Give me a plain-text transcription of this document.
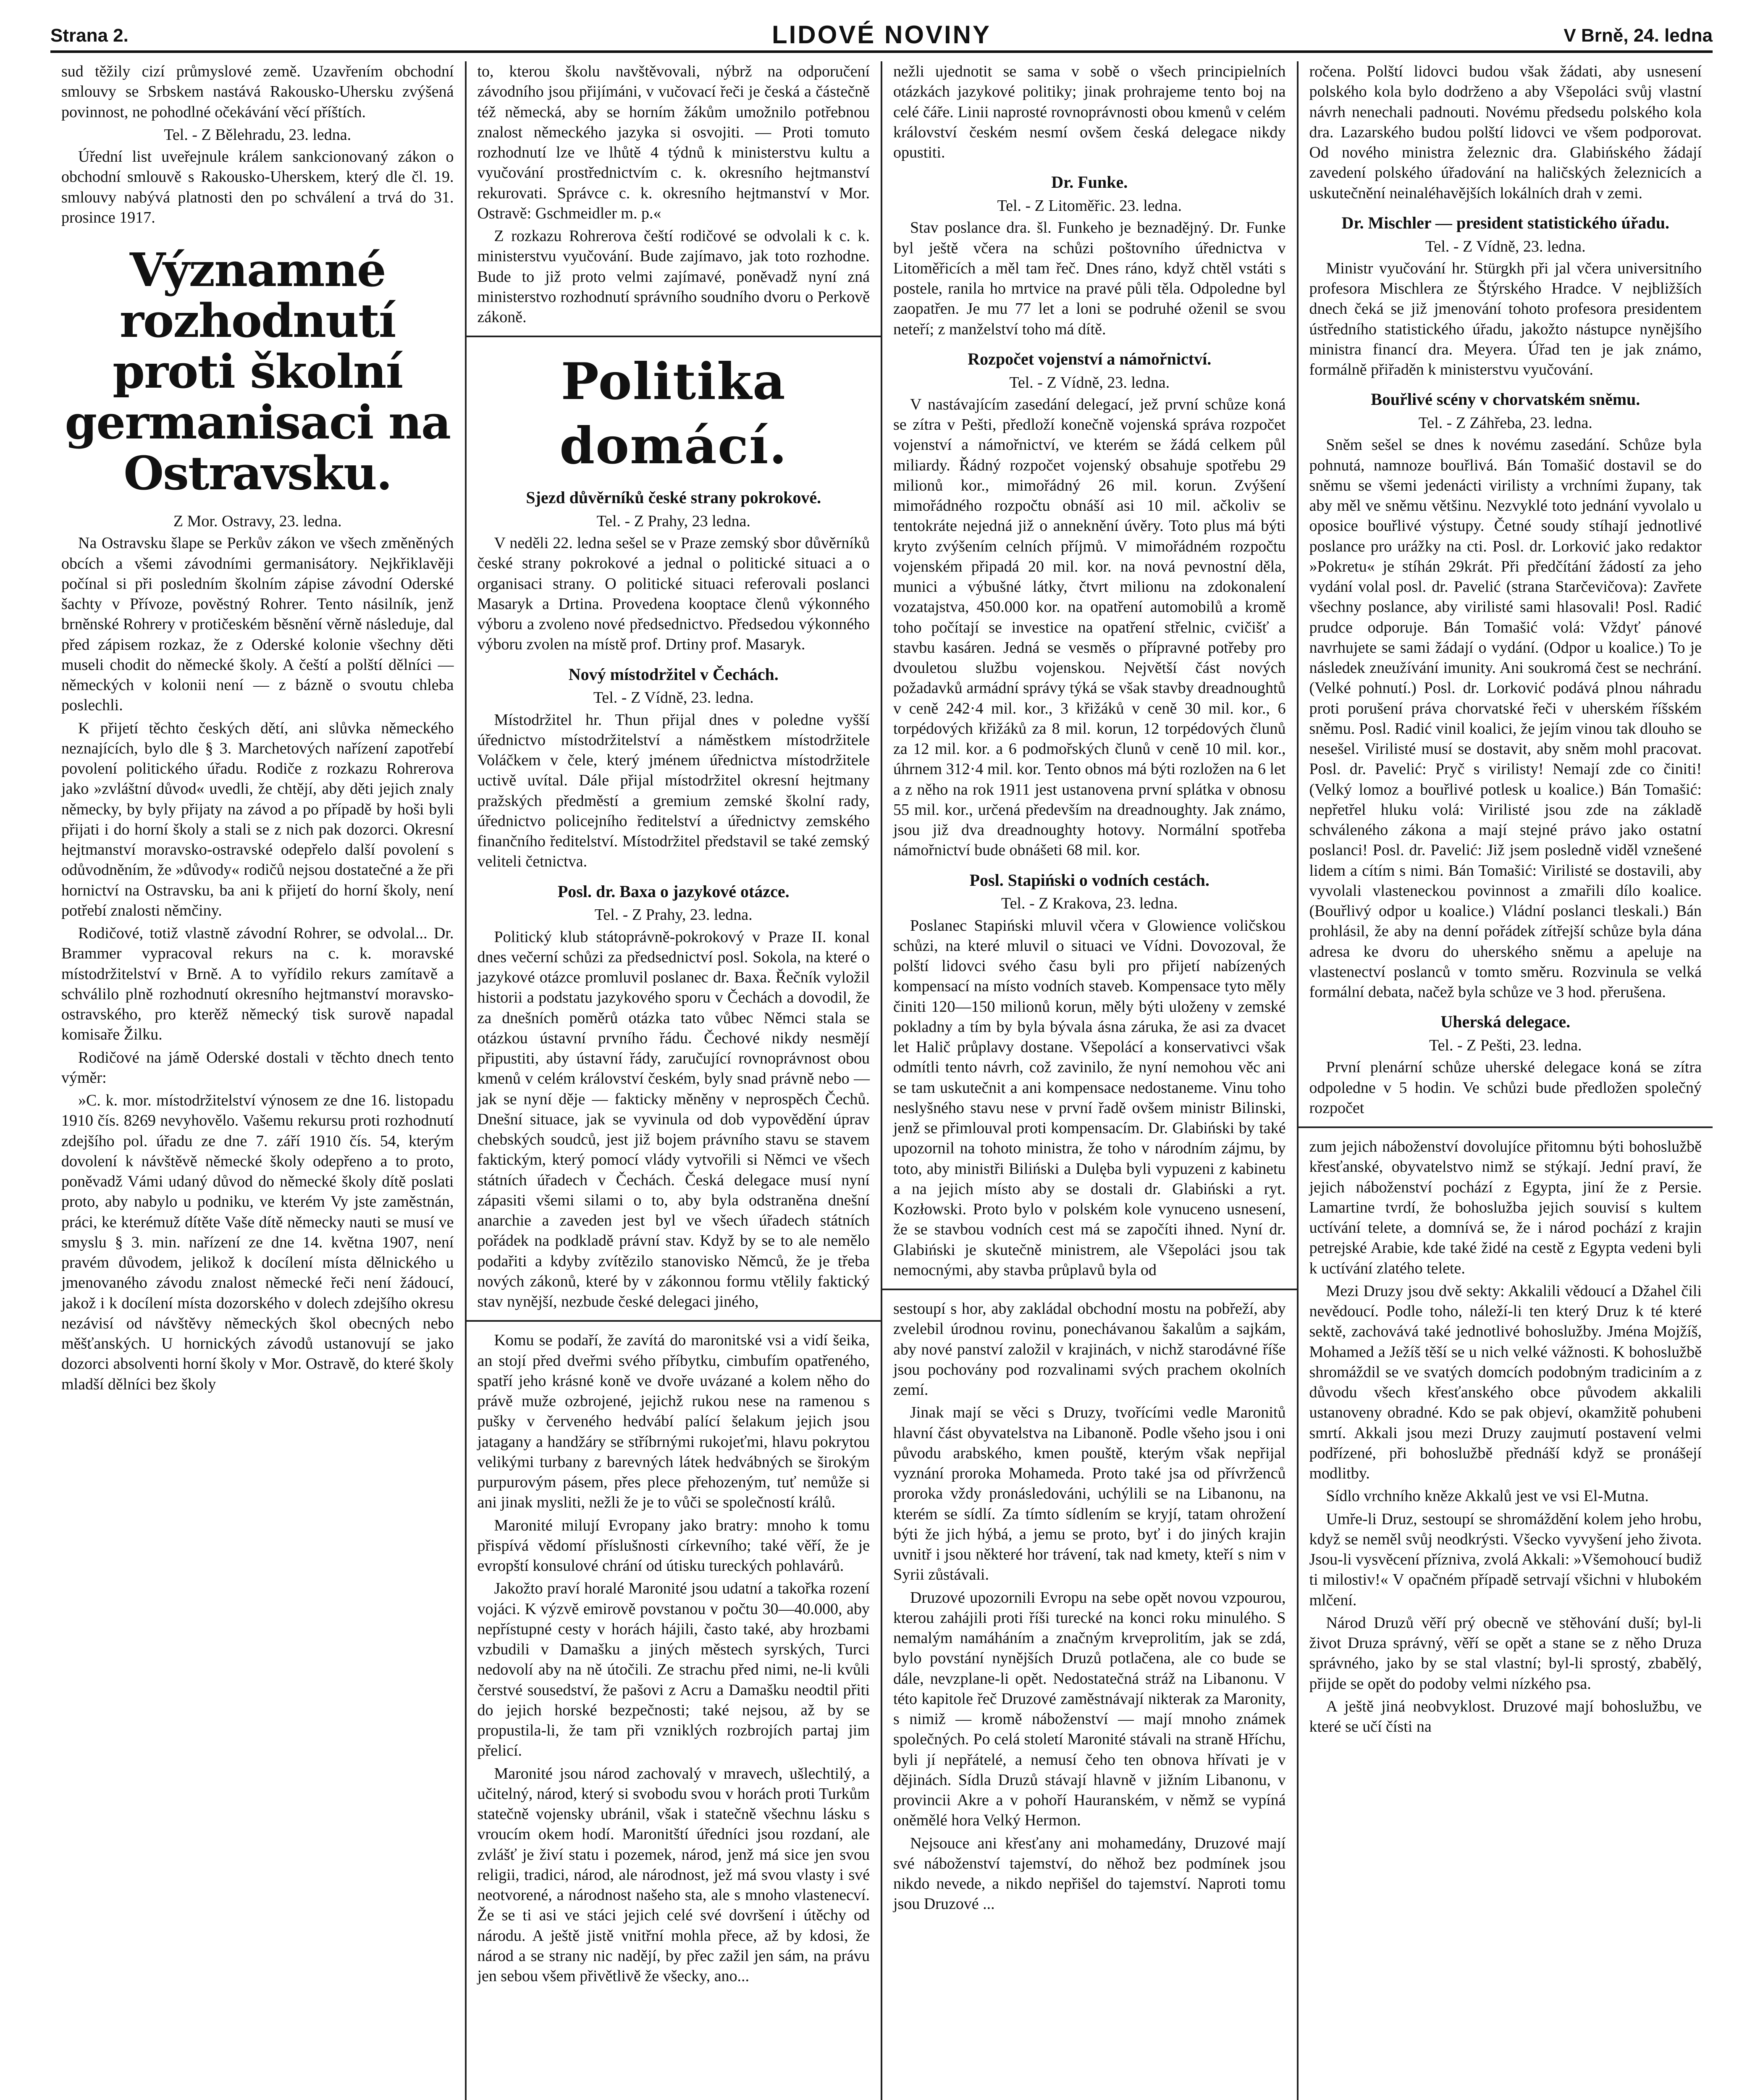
Strana 2.	LIDOVÉ NOVINY	V Brně, 24. ledna

sud těžily cizí průmyslové země. Uzavřením obchodní smlouvy se Srbskem nastává Rakousko-Uhersku zvýšená povinnost, ne pohodlné očekávání věcí příštích.

Tel. - Z Bělehradu, 23. ledna.

Úřední list uveřejnule králem sankcionovaný zákon o obchodní smlouvě s Rakousko-Uherskem, který dle čl. 19. smlouvy nabývá platnosti den po schválení a trvá do 31. prosince 1917.

Významné rozhodnutí proti školní germanisaci na Ostravsku.
Z Mor. Ostravy, 23. ledna.

Na Ostravsku šlape se Perkův zákon ve všech změněných obcích a všemi závodními germanisátory. Nejkřiklavěji počínal si při posledním školním zápise závodní Oderské šachty v Přívoze, pověstný Rohrer. Tento násilník, jenž brněnské Rohrery v protičeském běsnění věrně následuje, dal před zápisem rozkaz, že z Oderské kolonie všechny děti museli chodit do německé školy. A čeští a polští dělníci — německých v kolonii není — z bázně o svoutu chleba poslechli.

K přijetí těchto českých dětí, ani slůvka německého neznajících, bylo dle § 3. Marchetových nařízení zapotřebí povolení politického úřadu. Rodiče z rozkazu Rohrerova jako »zvláštní důvod« uvedli, že chtějí, aby děti jejich znaly německy, by byly přijaty na závod a po případě by hoši byli přijati i do horní školy a stali se z nich pak dozorci. Okresní hejtmanství moravsko-ostravské odepřelo další povolení s odůvodněním, že »důvody« rodičů nejsou dostatečné a že při hornictví na Ostravsku, ba ani k přijetí do horní školy, není potřebí znalosti němčiny.

Rodičové, totiž vlastně závodní Rohrer, se odvolal... Dr. Brammer vypracoval rekurs na c. k. moravské místodržitelství v Brně. A to vyřídilo rekurs zamítavě a schválilo plně rozhodnutí okresního hejtmanství moravsko-ostravského, pro kterěž německý tisk surově napadal komisaře Žilku.

Rodičové na jámě Oderské dostali v těchto dnech tento výměr:

»C. k. mor. místodržitelství výnosem ze dne 16. listopadu 1910 čís. 8269 nevyhovělo. Vašemu rekursu proti rozhodnutí zdejšího pol. úřadu ze dne 7. září 1910 čís. 54, kterým dovolení k návštěvě německé školy odepřeno a to proto, poněvadž Vámi udaný důvod do německé školy dítě poslati proto, aby nabylo u podniku, ve kterém Vy jste zaměstnán, práci, ke kterémuž dítěte Vaše dítě německy nauti se musí ve smyslu § 3. min. nařízení ze dne 14. května 1907, není pravém důvodem, jelikož k docílení místa dělnického u jmenovaného závodu znalost německé řeči není žádoucí, jakož i k docílení místa dozorského v dolech zdejšího okresu nezávisí od návštěvy německých škol obecných nebo měšťanských. U hornických závodů ustanovují se jako dozorci absolventi horní školy v Mor. Ostravě, do které školy mladší dělníci bez školy

to, kterou školu navštěvovali, nýbrž na odporučení závodního jsou přijímáni, v vučovací řeči je česká a částečně též německá, aby se horním žákům umožnilo potřebnou znalost německého jazyka si osvojiti. — Proti tomuto rozhodnutí lze ve lhůtě 4 týdnů k ministerstvu kultu a vyučování prostřednictvím c. k. okresního hejtmanství rekurovati. Správce c. k. okresního hejtmanství v Mor. Ostravě: Gschmeidler m. p.«

Z rozkazu Rohrerova čeští rodičové se odvolali k c. k. ministerstvu vyučování. Bude zajímavo, jak toto rozhodne. Bude to již proto velmi zajímavé, poněvadž nyní zná ministerstvo rozhodnutí správního soudního dvoru o Perkově zákoně.

Politika domácí.
Sjezd důvěrníků české strany pokrokové.
Tel. - Z Prahy, 23 ledna.

V neděli 22. ledna sešel se v Praze zemský sbor důvěrníků české strany pokrokové a jednal o politické situaci a o organisaci strany. O politické situaci referovali poslanci Masaryk a Drtina. Provedena kooptace členů výkonného výboru a zvoleno nové předsednictvo. Předsedou výkonného výboru zvolen na místě prof. Drtiny prof. Masaryk.

Nový místodržitel v Čechách.
Tel. - Z Vídně, 23. ledna.

Místodržitel hr. Thun přijal dnes v poledne vyšší úřednictvo místodržitelství a náměstkem místodržitele Voláčkem v čele, který jménem úřednictva místodržitele uctivě uvítal. Dále přijal místodržitel okresní hejtmany pražských předměstí a gremium zemské školní rady, úřednictvo policejního ředitelství a úřednictvy zemského finančního ředitelství. Místodržitel představil se také zemský veliteli četnictva.

Posl. dr. Baxa o jazykové otázce.
Tel. - Z Prahy, 23. ledna.

Politický klub státoprávně-pokrokový v Praze II. konal dnes večerní schůzi za předsednictví posl. Sokola, na které o jazykové otázce promluvil poslanec dr. Baxa. Řečník vyložil historii a podstatu jazykového sporu v Čechách a dovodil, že za dnešních poměrů otázka tato vůbec Němci stala se otázkou ústavní prvního řádu. Čechové nikdy nesmějí připustiti, aby ústavní řády, zaručující rovnoprávnost obou kmenů v celém království českém, byly snad právně nebo — jak se nyní děje — fakticky měněny v neprospěch Čechů. Dnešní situace, jak se vyvinula od dob vypovědění úprav chebských soudců, jest již bojem právního stavu se stavem faktickým, který pomocí vlády vytvořili si Němci ve všech státních úřadech v Čechách. Česká delegace musí nyní zápasiti všemi silami o to, aby byla odstraněna dnešní anarchie a zaveden jest byl ve všech úřadech státních pořádek na podkladě právní stav. Když by se to ale nemělo podařiti a kdyby zvítězilo stanovisko Němců, že je třeba nových zákonů, které by v zákonnou formu vtělily faktický stav nynější, nezbude české delegaci jiného,

Komu se podaří, že zavítá do maronitské vsi a vidí šeika, an stojí před dveřmi svého příbytku, cimbufím opatřeného, spatří jeho krásné koně ve dvoře uvázané a kolem něho do právě muže ozbrojené, jejichž rukou nese na ramenou s pušky v červeného hedvábí palící šelakum jejich jsou jatagany a handžáry se stříbrnými rukojeťmi, hlavu pokrytou velikými turbany z barevných látek hedvábných se širokým purpurovým pásem, přes plece přehozeným, tuť nemůže si ani jinak mysliti, nežli že je to vůči se společností králů.

Maronité milují Evropany jako bratry: mnoho k tomu přispívá vědomí příslušnosti církevního; také věří, že je evropští konsulové chrání od útisku tureckých pohlavárů.

Jakožto praví horalé Maronité jsou udatní a takořka rození vojáci. K výzvě emirově povstanou v počtu 30—40.000, aby nepřístupné cesty v horách hájili, často také, aby hrozbami vzbudili v Damašku a jiných městech syrských, Turci nedovolí aby na ně útočili. Ze strachu před nimi, ne-li kvůli čerstvé sousedství, že pašovi z Acru a Damašku neodtil přiti do jejich horské bezpečnosti; také nejsou, až by se propustila-li, že tam při vzniklých rozbrojích partaj jim přelicí.

Maronité jsou národ zachovalý v mravech, ušlechtilý, a učitelný, národ, který si svobodu svou v horách proti Turkům statečně vojensky ubránil, však i statečně všechnu lásku s vroucím okem hodí. Maronitští úředníci jsou rozdaní, ale zvlášť je živí statu i pozemek, národ, jenž má sice jen svou religii, tradici, národ, ale národnost, jež má svou vlasty i své neotvorené, a národnost našeho sta, ale s mnoho vlastenecví. Že se ti asi ve stáci jejich celé své dovršení i útěchy od národu. A ještě jistě vnitřní mohla přece, až by kdosi, že národ a se strany nic nadějí, by přec zažil jen sám, na právu jen sebou všem přivětlivě že všecky, ano...

nežli ujednotit se sama v sobě o všech principielních otázkách jazykové politiky; jinak prohrajeme tento boj na celé čáře. Linii naprosté rovnoprávnosti obou kmenů v celém království českém nesmí ovšem česká delegace nikdy opustiti.

Dr. Funke.
Tel. - Z Litoměřic. 23. ledna.

Stav poslance dra. šl. Funkeho je beznadějný. Dr. Funke byl ještě včera na schůzi poštovního úřednictva v Litoměřicích a měl tam řeč. Dnes ráno, když chtěl vstáti s postele, ranila ho mrtvice na pravé půli těla. Odpoledne byl zaopatřen. Je mu 77 let a loni se podruhé oženil se svou neteří; z manželství toho má dítě.

Rozpočet vojenství a námořnictví.
Tel. - Z Vídně, 23. ledna.

V nastávajícím zasedání delegací, jež první schůze koná se zítra v Pešti, předloží konečně vojenská správa rozpočet vojenství a námořnictví, ve kterém se žádá celkem půl miliardy. Řádný rozpočet vojenský obsahuje spotřebu 29 milionů kor., mimořádný 26 mil. korun. Zvýšení mimořádného rozpočtu obnáší asi 10 mil. ačkoliv se tentokráte nejedná již o anneknění úvěry. Toto plus má býti kryto zvýšením celních příjmů. V mimořádném rozpočtu vojenském připadá 20 mil. kor. na nová pevnostní děla, munici a výbušné látky, čtvrt milionu na zdokonalení vozatajstva, 450.000 kor. na opatření automobilů a kromě toho počítají se investice na opatření střelnic, cvičišť a stavbu kasáren. Jedná se vesměs o přípravné potřeby pro dvouletou službu vojenskou. Největší část nových požadavků armádní správy týká se však stavby dreadnoughtů v ceně 242·4 mil. kor., 3 křižáků v ceně 30 mil. kor., 6 torpédových křižáků za 8 mil. korun, 12 torpédových člunů za 12 mil. kor. a 6 podmořských člunů v ceně 10 mil. kor., úhrnem 312·4 mil. kor. Tento obnos má býti rozložen na 6 let a z něho na rok 1911 jest ustanovena první splátka v obnosu 55 mil. kor., určená především na dreadnoughty. Jak známo, jsou již dva dreadnoughty hotovy. Normální spotřeba námořnictví bude obnášeti 68 mil. kor.

Posl. Stapiński o vodních cestách.
Tel. - Z Krakova, 23. ledna.

Poslanec Stapiński mluvil včera v Glowience voličskou schůzi, na které mluvil o situaci ve Vídni. Dovozoval, že polští lidovci svého času byli pro přijetí nabízených kompensací na místo vodních staveb. Kompensace tyto měly činiti 120—150 milionů korun, měly býti uloženy v zemské pokladny a tím by byla bývala ásna záruka, že asi za dvacet let Halič průplavy dostane. Všepolácí a konservativci však odmítli tento návrh, což zavinilo, že nyní nemohou věc ani se tam uskutečnit a ani kompensace nedostaneme. Vinu toho neslyšného stavu nese v první řadě ovšem ministr Bilinski, jenž se přimlouval proti kompensacím. Dr. Glabiński by také upozornil na tohoto ministra, že toho v národním zájmu, by toto, aby ministři Biliński a Dulęba byli vypuzeni z kabinetu a na jejich místo aby se dostali dr. Glabiński a ryt. Kozłowski. Proto bylo v polském kole vynuceno usnesení, že se stavbou vodních cest má se započíti ihned. Nyní dr. Glabiński je skutečně ministrem, ale Všepoláci jsou tak nemocnými, aby stavba průplavů byla od

sestoupí s hor, aby zakládal obchodní mostu na pobřeží, aby zvelebil úrodnou rovinu, ponechávanou šakalům a sajkám, aby nové panství založil v krajinách, v nichž starodávné říše jsou pochovány pod rozvalinami svých prachem okolních zemí.

Jinak mají se věci s Druzy, tvořícími vedle Maronitů hlavní část obyvatelstva na Libanoně. Podle všeho jsou i oni původu arabského, kmen pouště, kterým však nepřijal vyznání proroka Mohameda. Proto také jsa od přívrženců proroka vždy pronásledováni, uchýlili se na Libanonu, na kterém se sídlí. Za tímto sídlením se kryjí, tatam ohrožení býti že jich hýbá, a jemu se proto, byť i do jiných krajin uvnitř i jsou některé hor trávení, tak nad kmety, kteří s nim v Syrii zůstávali.

Druzové upozornili Evropu na sebe opět novou vzpourou, kterou zahájili proti říši turecké na konci roku minulého. S nemalým namáháním a značným krveprolitím, jak se zdá, bylo povstání nynějších Druzů potlačena, ale co bude se dále, nevzplane-li opět. Nedostatečná stráž na Libanonu. V této kapitole řeč Druzové zaměstnávají nikterak za Maronity, s nimiž — kromě náboženství — mají mnoho známek společných. Po celá století Maronité stávali na straně Hříchu, byli jí nepřátelé, a nemusí čeho ten obnova hřívati je v dějinách. Sídla Druzů stávají hlavně v jižním Libanonu, v provincii Akre a v pohoří Hauranském, v němž se vypíná oněmělé hora Velký Hermon.

Nejsouce ani křesťany ani mohamedány, Druzové mají své náboženství tajemství, do něhož bez podmínek jsou nikdo nevede, a nikdo nepřišel do tajemství. Naproti tomu jsou Druzové ...

ročena. Polští lidovci budou však žádati, aby usnesení polského kola bylo dodrženo a aby Všepoláci svůj vlastní návrh nenechali padnouti. Novému předsedu polského kola dra. Lazarského budou polští lidovci ve všem podporovat. Od nového ministra železnic dra. Glabińského žádají zavedení polského úřadování na haličských železnicích a uskutečnění neinaléhavějších lokálních drah v zemi.

Dr. Mischler — president statistického úřadu.
Tel. - Z Vídně, 23. ledna.

Ministr vyučování hr. Stürgkh při jal včera universitního profesora Mischlera ze Štýrského Hradce. V nejbližších dnech čeká se již jmenování tohoto profesora presidentem ústředního statistického úřadu, jakožto nástupce nynějšího ministra financí dra. Meyera. Úřad ten je jak známo, formálně přiřaděn k ministerstvu vyučování.

Bouřlivé scény v chorvatském sněmu.
Tel. - Z Záhřeba, 23. ledna.

Sněm sešel se dnes k novému zasedání. Schůze byla pohnutá, namnoze bouřlivá. Bán Tomašić dostavil se do sněmu se všemi jedenácti virilisty a vrchními župany, tak aby měl ve sněmu většinu. Nezvyklé toto jednání vyvolalo u oposice bouřlivé výstupy. Četné soudy stíhají jednotlivé poslance pro urážky na cti. Posl. dr. Lorković jako redaktor »Pokretu« je stíhán 29krát. Při předčítání žádostí za jeho vydání volal posl. dr. Pavelić (strana Starčevičova): Zavřete všechny poslance, aby virilisté sami hlasovali! Posl. Radić prudce odporuje. Bán Tomašić volá: Vždyť pánové navrhujete se sami žádají o vydání. (Odpor u koalice.) To je následek zneužívání imunity. Ani soukromá čest se nechrání. (Velké pohnutí.) Posl. dr. Lorković podává plnou náhradu proti porušení práva chorvatské řeči v uherském říšském sněmu. Posl. Radić vinil koalici, že jejím vinou tak dlouho se nesešel. Virilisté musí se dostavit, aby sněm mohl pracovat. Posl. dr. Pavelić: Pryč s virilisty! Nemají zde co činiti! (Velký lomoz a bouřlivé potlesk u koalice.) Bán Tomašić: nepřetřel hluku volá: Virilisté jsou zde na základě schváleného zákona a mají stejné právo jako ostatní poslanci! Posl. dr. Pavelić: Již jsem posledně viděl vznešené lidem a cítím s nimi. Bán Tomašić: Virilisté se dostavili, aby vyvolali vlasteneckou povinnost a zmařili dílo koalice. (Bouřlivý odpor u koalice.) Vládní poslanci tleskali.) Bán prohlásil, že aby na denní pořádek zítřejší schůze byla dána adresa ke dvoru do uherského sněmu a apeluje na vlastenectví poslanců v tomto směru. Rozvinula se velká formální debata, načež byla schůze ve 3 hod. přerušena.

Uherská delegace.
Tel. - Z Pešti, 23. ledna.

První plenární schůze uherské delegace koná se zítra odpoledne v 5 hodin. Ve schůzi bude předložen společný rozpočet

zum jejich náboženství dovolujíce přitomnu býti bohoslužbě křesťanské, obyvatelstvo nimž se stýkají. Jední praví, že jejich náboženství pochází z Egypta, jiní že z Persie. Lamartine tvrdí, že bohoslužba jejich souvisí s kultem uctívání telete, a domnívá se, že i národ pochází z krajin petrejské Arabie, kde také židé na cestě z Egypta vedeni byli k uctívání zlatého telete.

Mezi Druzy jsou dvě sekty: Akkalili vědoucí a Džahel čili nevědoucí. Podle toho, náleží-li ten který Druz k té které sektě, zachovává také jednotlivé bohoslužby. Jména Mojžíš, Mohamed a Ježíš těší se u nich velké vážnosti. K bohoslužbě shromáždil se ve svatých domcích podobným tradiciním a z důvodu všech křesťanského obce původem akkalili ustanoveny obradné. Kdo se pak objeví, okamžitě pohubeni smrtí. Akkali jsou mezi Druzy zaujmutí postavení velmi podřízené, při bohoslužbě přednáší když se pronášejí modlitby.

Sídlo vrchního kněze Akkalů jest ve vsi El-Mutna.

Umře-li Druz, sestoupí se shromáždění kolem jeho hrobu, když se neměl svůj neodkrýsti. Všecko vyvyšení jeho života. Jsou-li vysvěcení přízniva, zvolá Akkali: »Všemohoucí budiž ti milostiv!« V opačném případě setrvají všichni v hlubokém mlčení.

Národ Druzů věří prý obecně ve stěhování duší; byl-li život Druza správný, věří se opět a stane se z něho Druza správného, jako by se stal vlastní; byl-li sprostý, zbabělý, přijde se opět do podoby velmi nízkého psa.

A ještě jiná neobvyklost. Druzové mají bohoslužbu, ve které se učí čísti na
